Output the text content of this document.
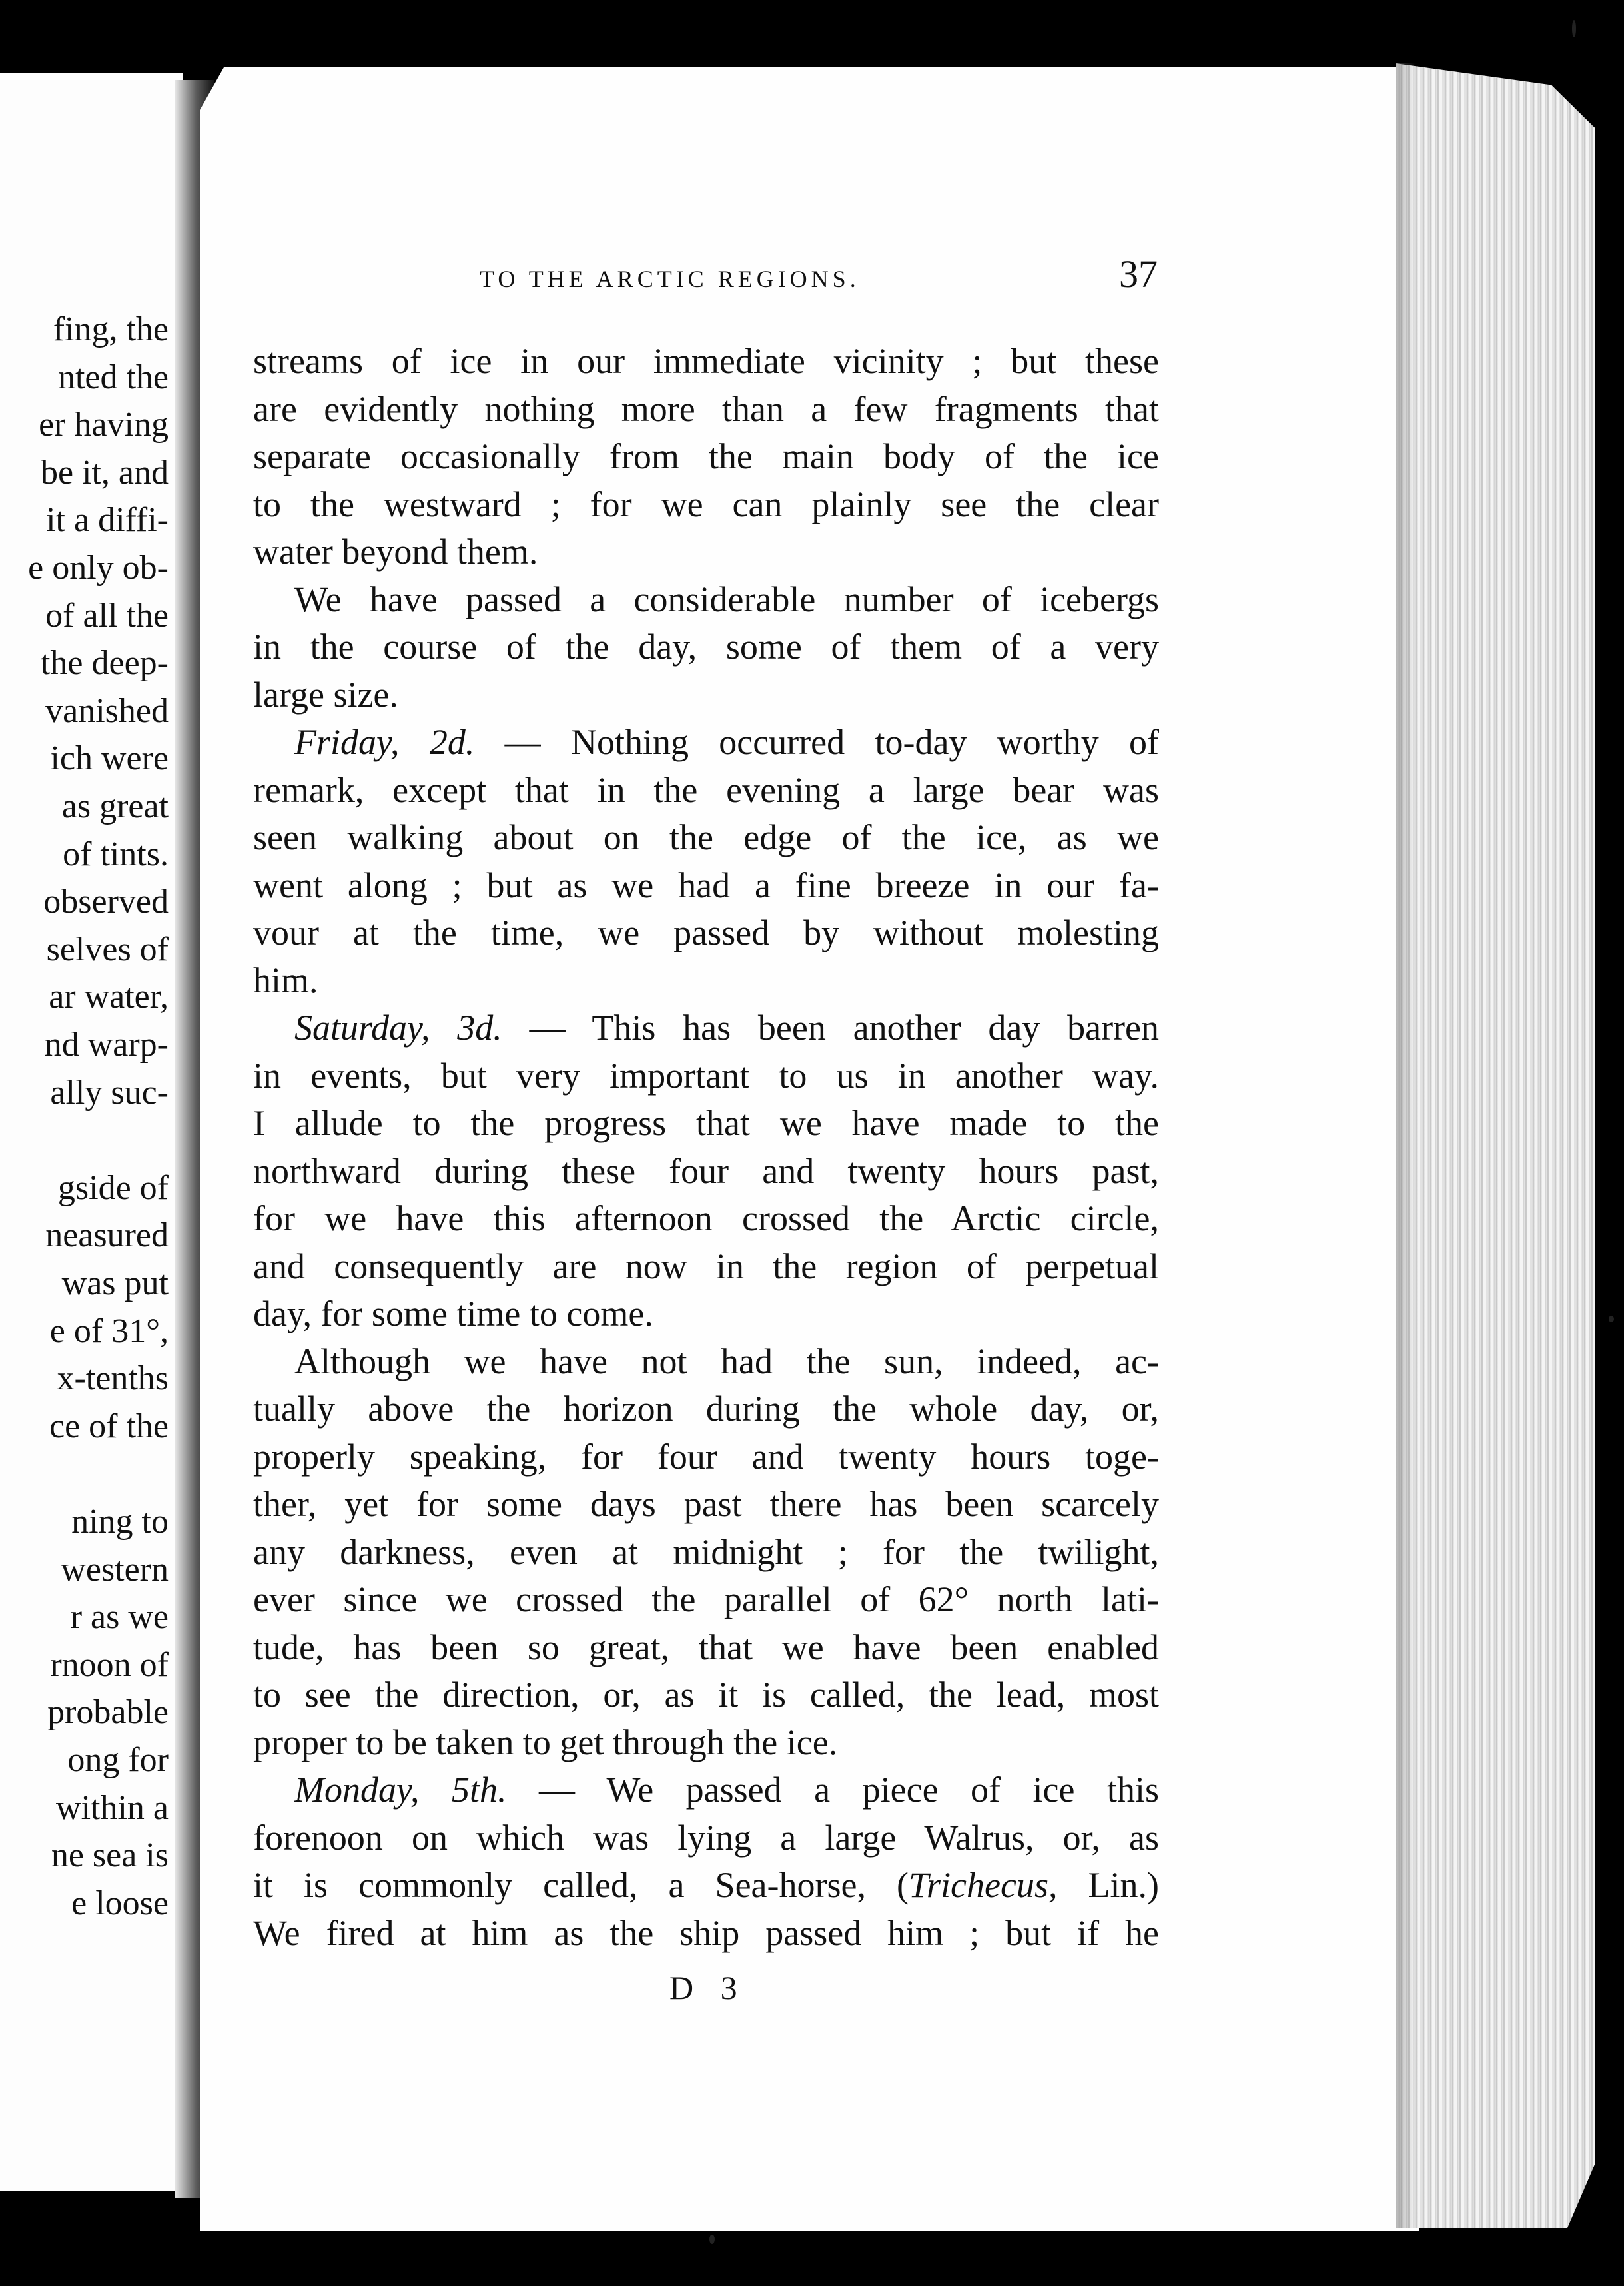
fing, the

nted the

er having

be it, and

it a diffi-

e only ob-

of all the

the deep-

vanished

ich were

as great

of tints.

observed

selves of

ar water,

nd warp-

ally suc-

gside of

neasured

was put

e of 31°,

x-tenths

ce of the

ning to

western

r as we

rnoon of

probable

ong for

within a

ne sea is

e loose

TO THE ARCTIC REGIONS.	37

streams of ice in our immediate vicinity ; but these

are evidently nothing more than a few fragments that

separate occasionally from the main body of the ice

to the westward ; for we can plainly see the clear

water beyond them.

We have passed a considerable number of icebergs

in the course of the day, some of them of a very

large size.

Friday, 2d. — Nothing occurred to-day worthy of

remark, except that in the evening a large bear was

seen walking about on the edge of the ice, as we

went along ; but as we had a fine breeze in our fa-

vour at the time, we passed by without molesting

him.

Saturday, 3d. — This has been another day barren

in events, but very important to us in another way.

I allude to the progress that we have made to the

northward during these four and twenty hours past,

for we have this afternoon crossed the Arctic circle,

and consequently are now in the region of perpetual

day, for some time to come.

Although we have not had the sun, indeed, ac-

tually above the horizon during the whole day, or,

properly speaking, for four and twenty hours toge-

ther, yet for some days past there has been scarcely

any darkness, even at midnight ; for the twilight,

ever since we crossed the parallel of 62° north lati-

tude, has been so great, that we have been enabled

to see the direction, or, as it is called, the lead, most

proper to be taken to get through the ice.

Monday, 5th. — We passed a piece of ice this

forenoon on which was lying a large Walrus, or, as

it is commonly called, a Sea-horse, (Trichecus, Lin.)

We fired at him as the ship passed him ; but if he

D 3
